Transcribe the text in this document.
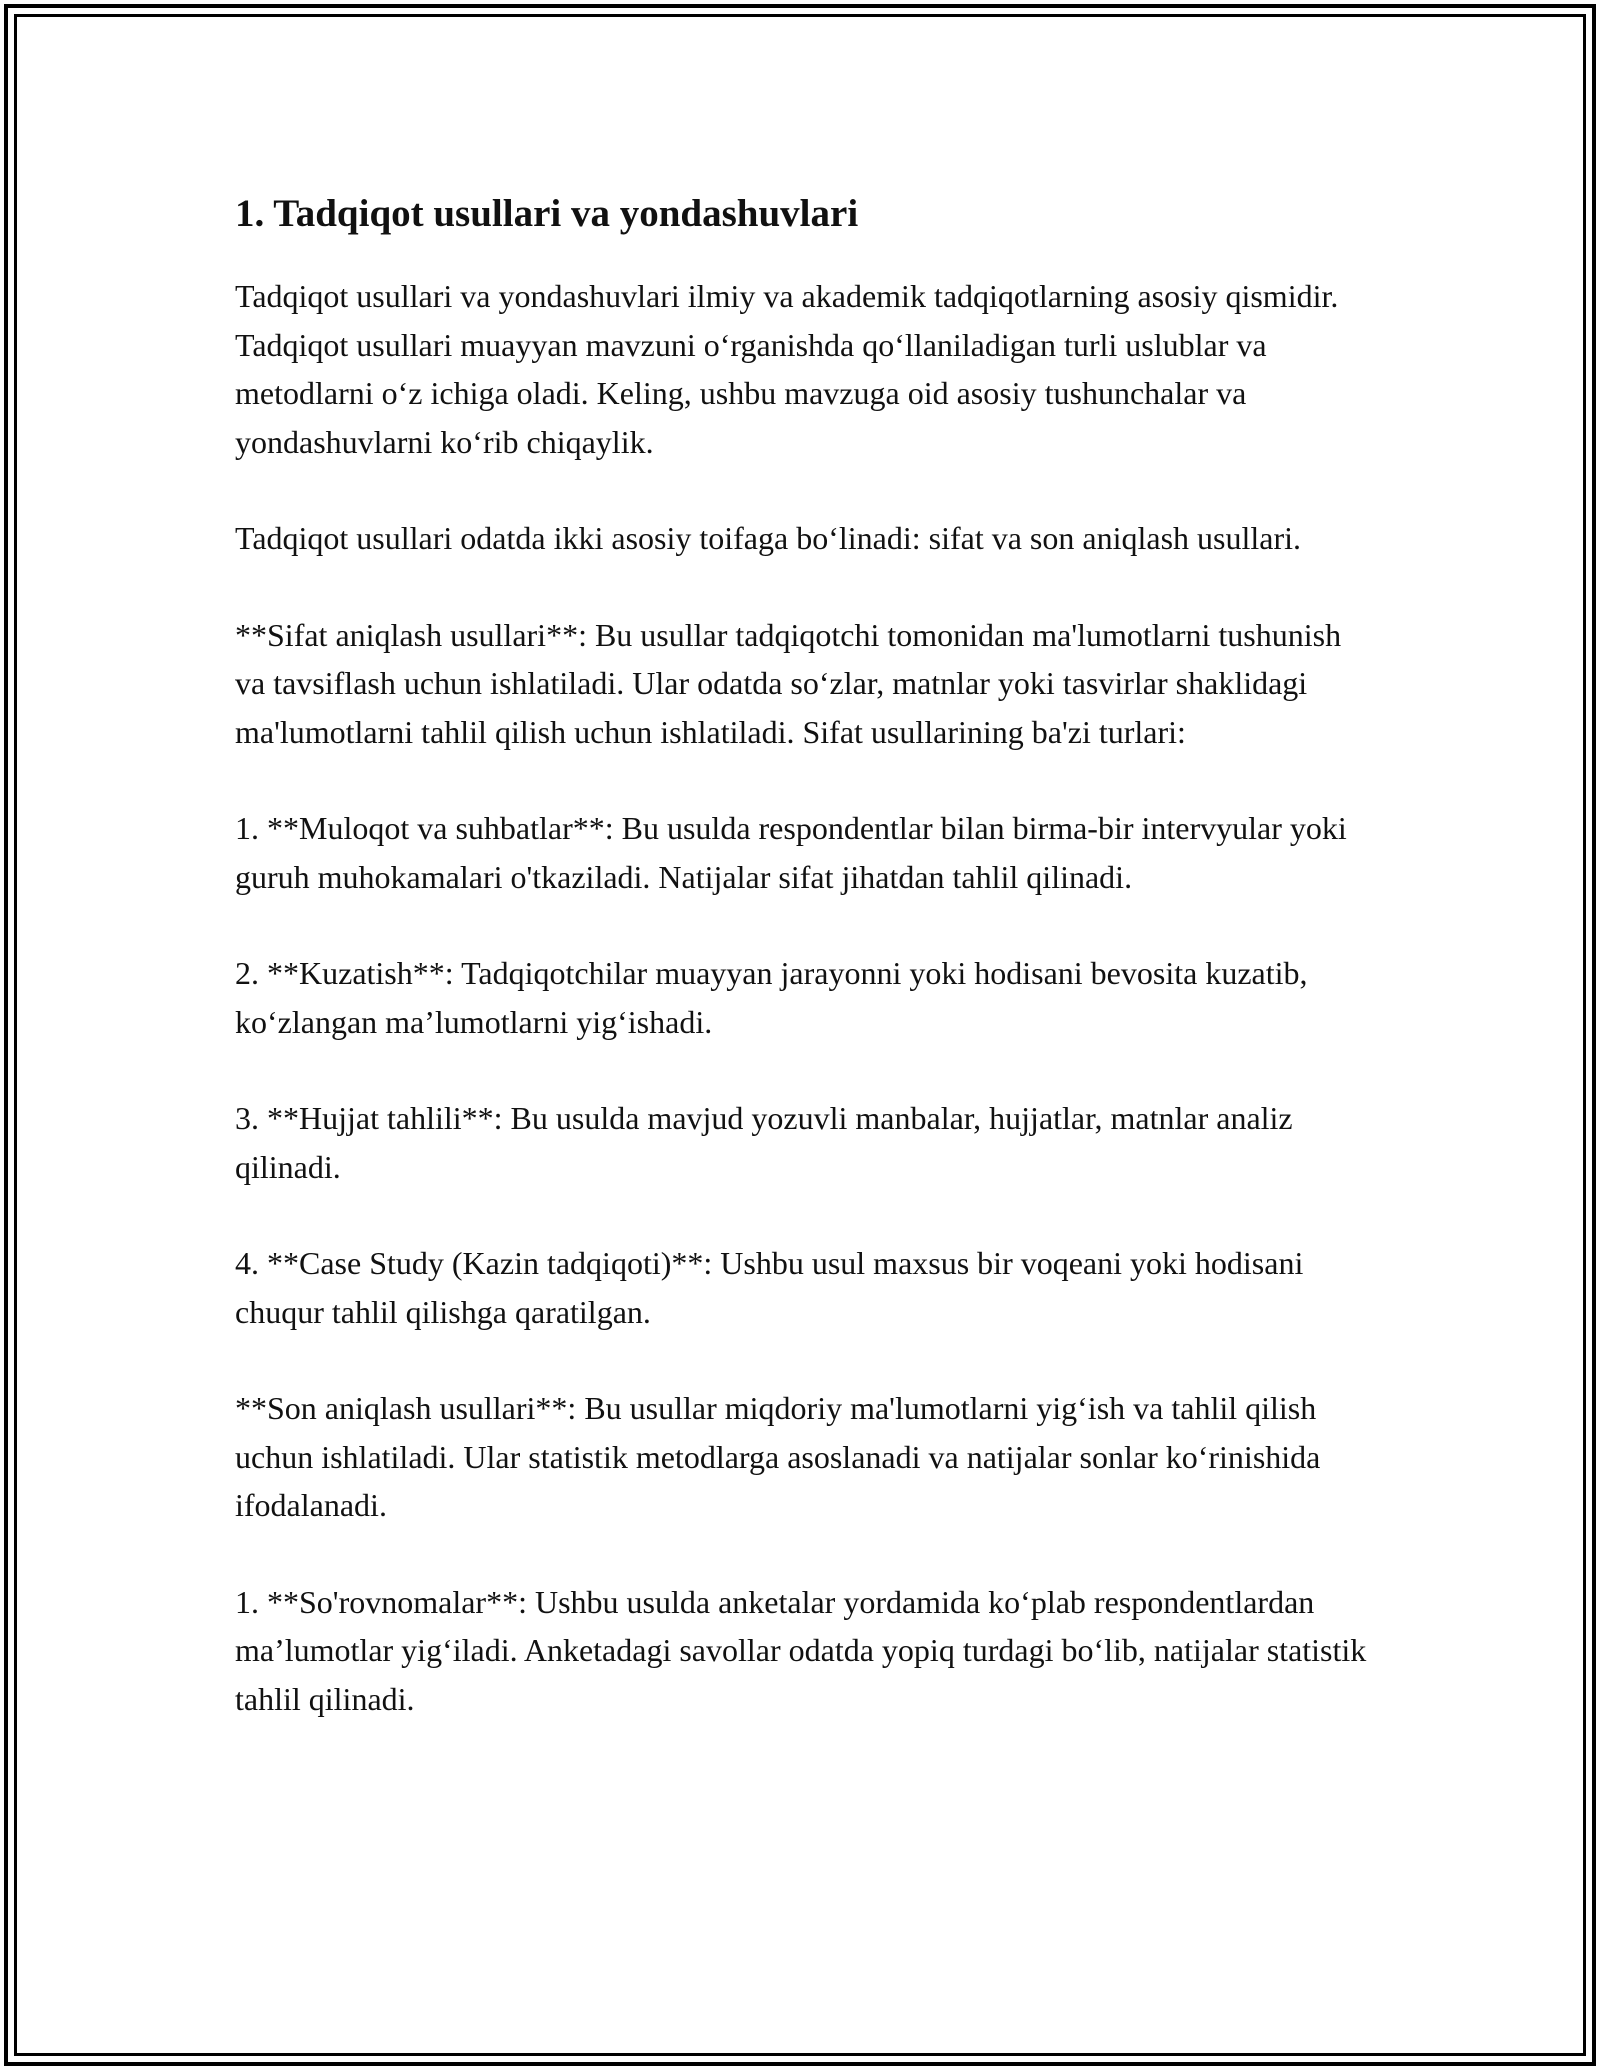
1. Tadqiqot usullari va yondashuvlari

Tadqiqot usullari va yondashuvlari ilmiy va akademik tadqiqotlarning asosiy qismidir. Tadqiqot usullari muayyan mavzuni o‘rganishda qo‘llaniladigan turli uslublar va metodlarni o‘z ichiga oladi. Keling, ushbu mavzuga oid asosiy tushunchalar va yondashuvlarni ko‘rib chiqaylik.

Tadqiqot usullari odatda ikki asosiy toifaga bo‘linadi: sifat va son aniqlash usullari.

**Sifat aniqlash usullari**: Bu usullar tadqiqotchi tomonidan ma'lumotlarni tushunish va tavsiflash uchun ishlatiladi. Ular odatda so‘zlar, matnlar yoki tasvirlar shaklidagi ma'lumotlarni tahlil qilish uchun ishlatiladi. Sifat usullarining ba'zi turlari:

1. **Muloqot va suhbatlar**: Bu usulda respondentlar bilan birma-bir intervyular yoki guruh muhokamalari o'tkaziladi. Natijalar sifat jihatdan tahlil qilinadi.

2. **Kuzatish**: Tadqiqotchilar muayyan jarayonni yoki hodisani bevosita kuzatib, ko‘zlangan ma’lumotlarni yig‘ishadi.

3. **Hujjat tahlili**: Bu usulda mavjud yozuvli manbalar, hujjatlar, matnlar analiz qilinadi.

4. **Case Study (Kazin tadqiqoti)**: Ushbu usul maxsus bir voqeani yoki hodisani chuqur tahlil qilishga qaratilgan.

**Son aniqlash usullari**: Bu usullar miqdoriy ma'lumotlarni yig‘ish va tahlil qilish uchun ishlatiladi. Ular statistik metodlarga asoslanadi va natijalar sonlar ko‘rinishida ifodalanadi.

1. **So'rovnomalar**: Ushbu usulda anketalar yordamida ko‘plab respondentlardan ma’lumotlar yig‘iladi. Anketadagi savollar odatda yopiq turdagi bo‘lib, natijalar statistik tahlil qilinadi.
